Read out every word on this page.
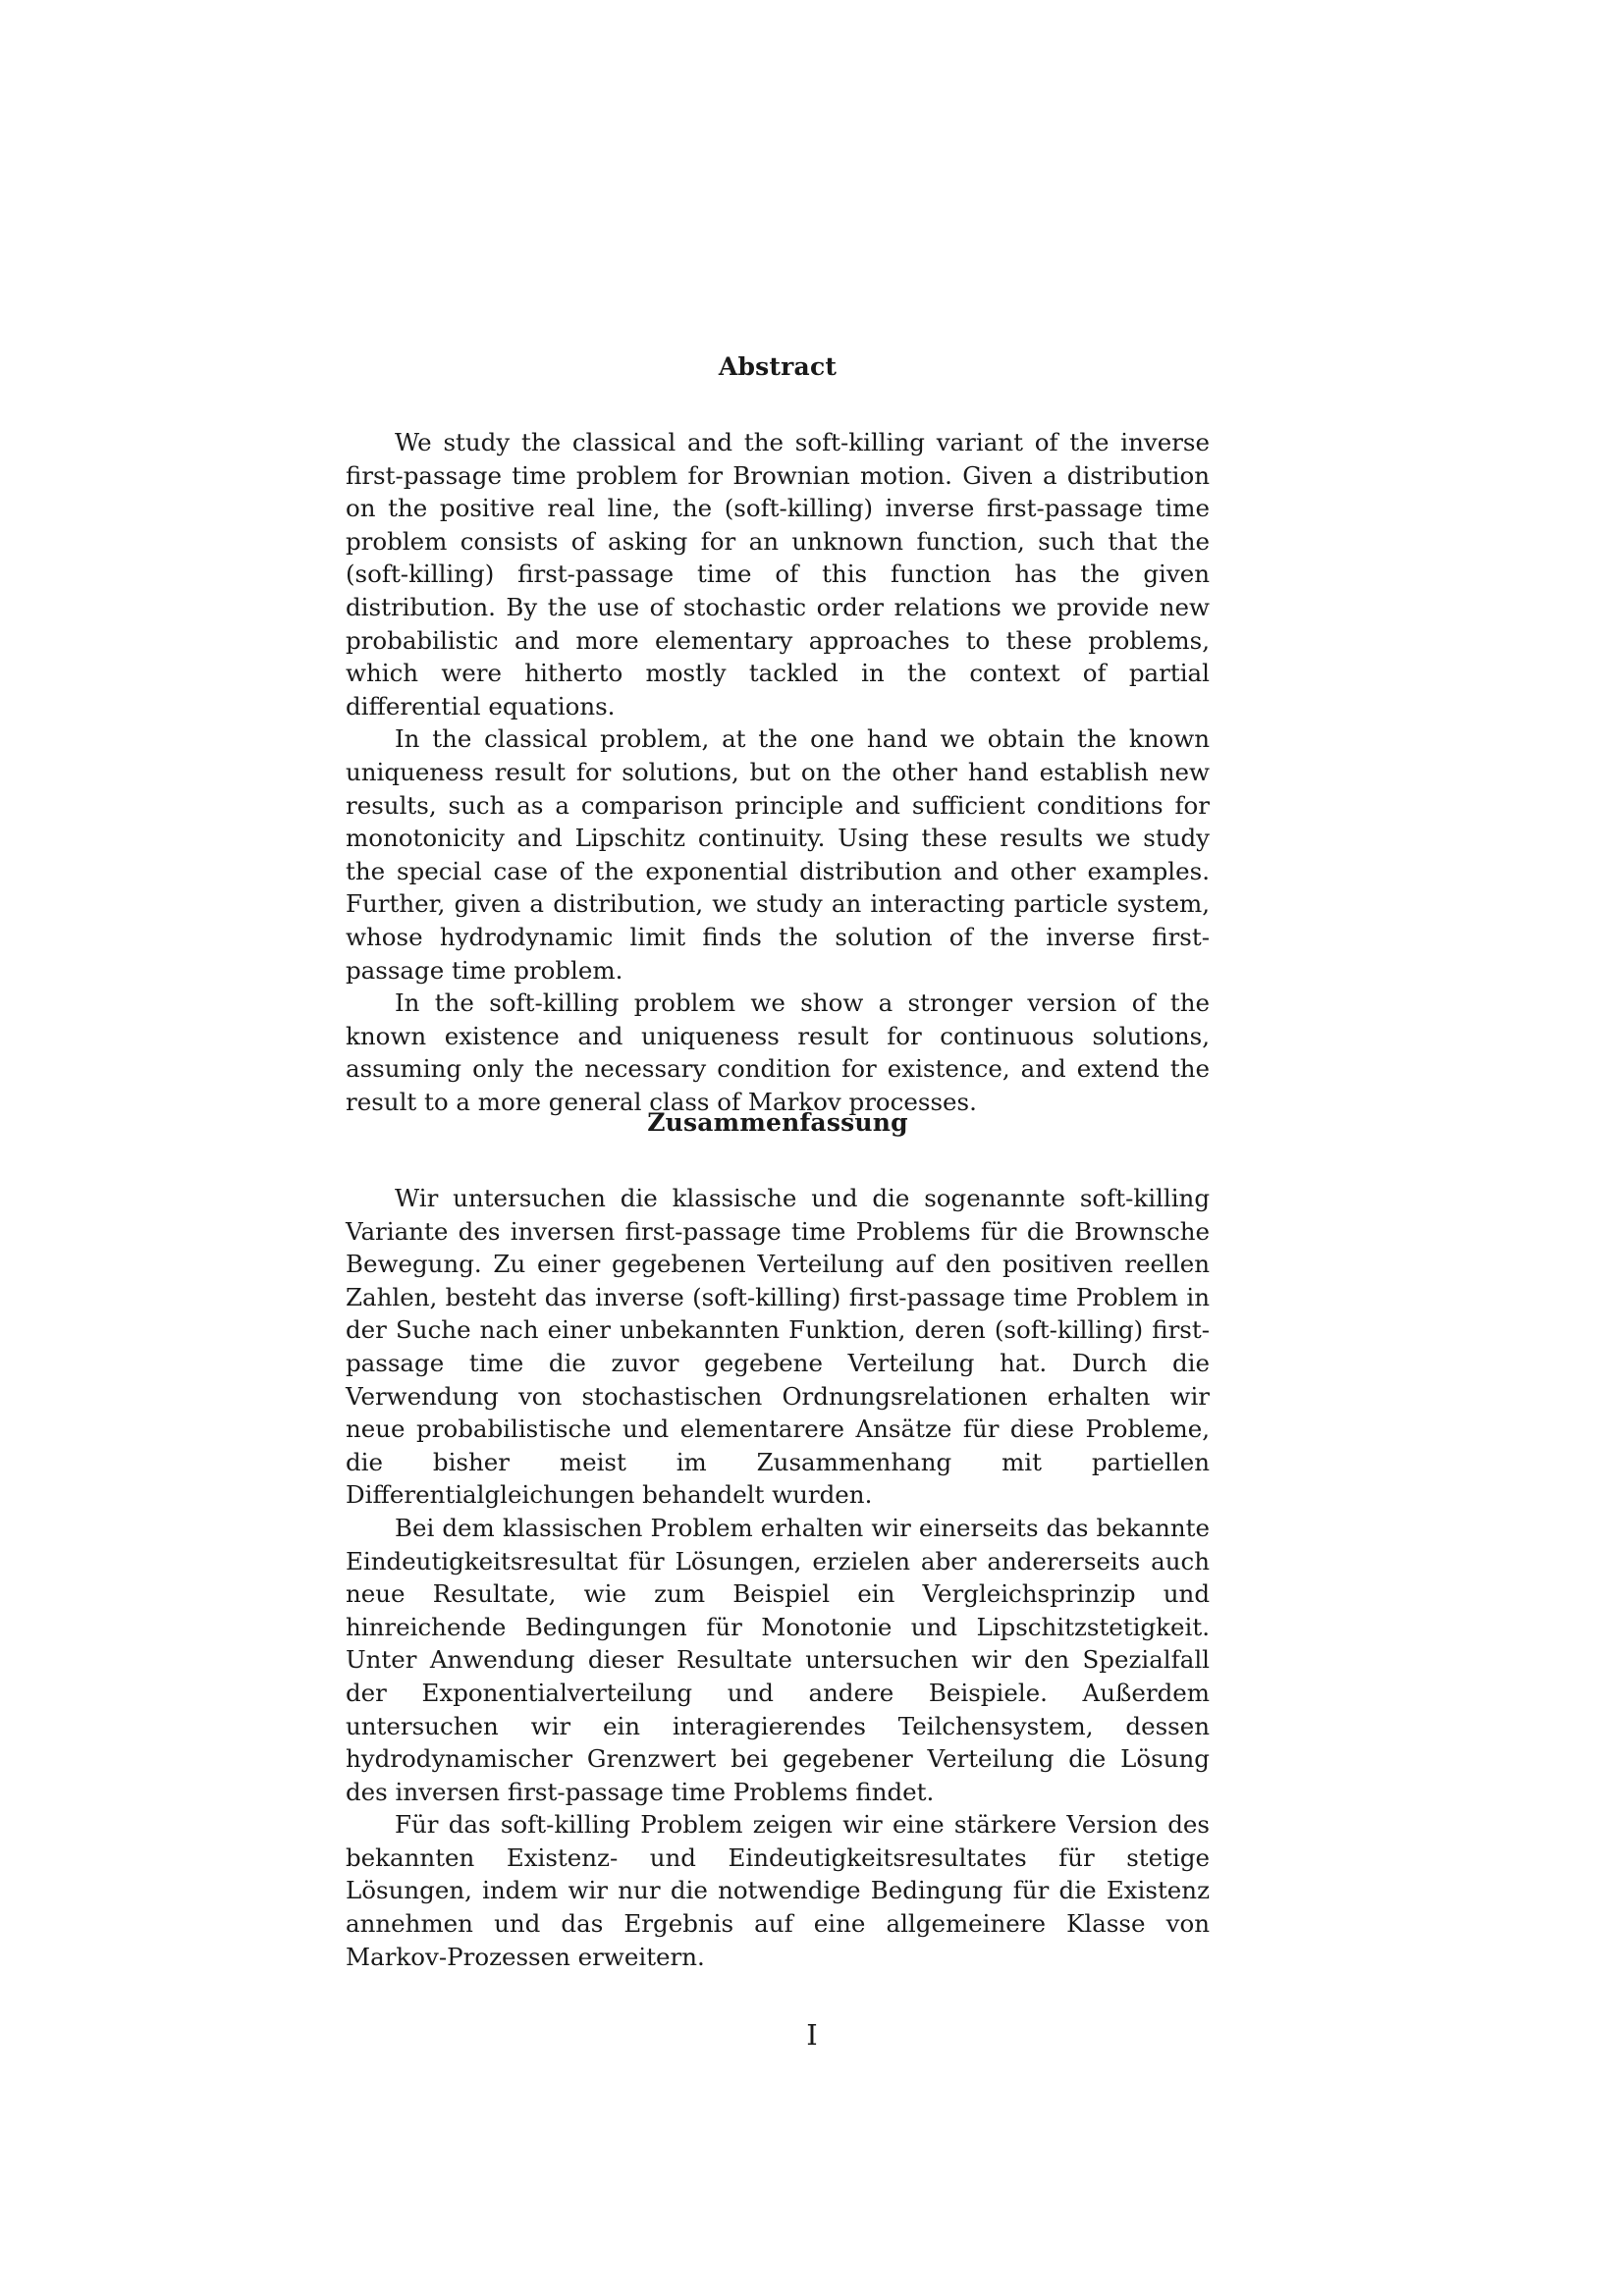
Abstract

We study the classical and the soft-killing variant of the inverse first-passage time problem for Brownian motion. Given a distribution on the positive real line, the (soft-killing) inverse first-passage time problem consists of asking for an unknown function, such that the (soft-killing) first-passage time of this function has the given distribution. By the use of stochastic order relations we provide new probabilistic and more elementary approaches to these problems, which were hitherto mostly tackled in the context of partial differential equations.

In the classical problem, at the one hand we obtain the known uniqueness result for solutions, but on the other hand establish new results, such as a comparison principle and sufficient conditions for monotonicity and Lipschitz continuity. Using these results we study the special case of the exponential distribution and other examples. Further, given a distribution, we study an interacting particle system, whose hydrodynamic limit finds the solution of the inverse first-passage time problem.

In the soft-killing problem we show a stronger version of the known existence and uniqueness result for continuous solutions, assuming only the necessary condition for existence, and extend the result to a more general class of Markov processes.

Zusammenfassung

Wir untersuchen die klassische und die sogenannte soft-killing Variante des inversen first-passage time Problems für die Brownsche Bewegung. Zu einer gegebenen Verteilung auf den positiven reellen Zahlen, besteht das inverse (soft-killing) first-passage time Problem in der Suche nach einer unbekannten Funktion, deren (soft-killing) first-passage time die zuvor gegebene Verteilung hat. Durch die Verwendung von stochastischen Ordnungsrelationen erhalten wir neue probabilistische und elementarere Ansätze für diese Probleme, die bisher meist im Zusammenhang mit partiellen Differentialgleichungen behandelt wurden.

Bei dem klassischen Problem erhalten wir einerseits das bekannte Eindeutigkeitsresultat für Lösungen, erzielen aber andererseits auch neue Resultate, wie zum Beispiel ein Vergleichsprinzip und hinreichende Bedingungen für Monotonie und Lipschitzstetigkeit. Unter Anwendung dieser Resultate untersuchen wir den Spezialfall der Exponentialverteilung und andere Beispiele. Außerdem untersuchen wir ein interagierendes Teilchensystem, dessen hydrodynamischer Grenzwert bei gegebener Verteilung die Lösung des inversen first-passage time Problems findet.

Für das soft-killing Problem zeigen wir eine stärkere Version des bekannten Existenz- und Eindeutigkeitsresultates für stetige Lösungen, indem wir nur die notwendige Bedingung für die Existenz annehmen und das Ergebnis auf eine allgemeinere Klasse von Markov-Prozessen erweitern.

I
